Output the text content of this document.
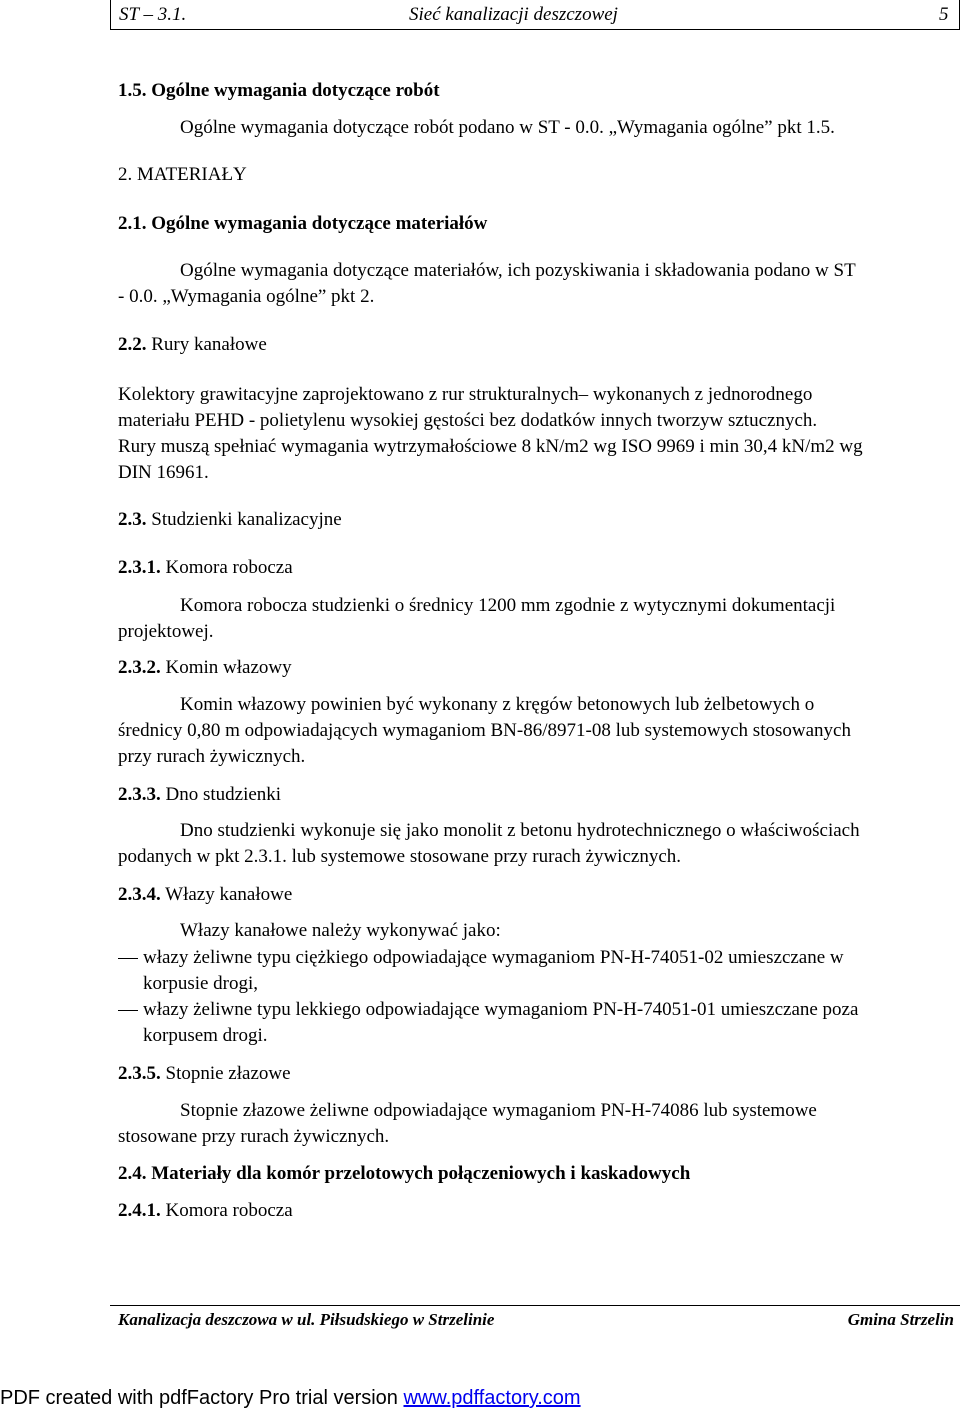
ST – 3.1.	Sieć kanalizacji deszczowej	5
1.5. Ogólne wymagania dotyczące robót
Ogólne wymagania dotyczące robót podano w ST - 0.0. „Wymagania ogólne” pkt 1.5.
2. MATERIAŁY
2.1. Ogólne wymagania dotyczące materiałów
Ogólne wymagania dotyczące materiałów, ich pozyskiwania i składowania podano w ST
- 0.0. „Wymagania ogólne” pkt 2.
2.2. Rury kanałowe
Kolektory grawitacyjne zaprojektowano z rur strukturalnych– wykonanych z jednorodnego
materiału PEHD - polietylenu wysokiej gęstości bez dodatków innych tworzyw sztucznych.
Rury muszą spełniać wymagania wytrzymałościowe 8 kN/m2 wg ISO 9969 i min 30,4 kN/m2 wg
DIN 16961.
2.3. Studzienki kanalizacyjne
2.3.1. Komora robocza
Komora robocza studzienki o średnicy 1200 mm zgodnie z wytycznymi dokumentacji
projektowej.
2.3.2. Komin włazowy
Komin włazowy powinien być wykonany z kręgów betonowych lub żelbetowych o
średnicy 0,80 m odpowiadających wymaganiom BN-86/8971-08 lub systemowych stosowanych
przy rurach żywicznych.
2.3.3. Dno studzienki
Dno studzienki wykonuje się jako monolit z betonu hydrotechnicznego o właściwościach
podanych w pkt 2.3.1. lub systemowe stosowane przy rurach żywicznych.
2.3.4. Włazy kanałowe
Włazy kanałowe należy wykonywać jako:
włazy żeliwne typu ciężkiego odpowiadające wymaganiom PN-H-74051-02 umieszczane w
korpusie drogi,
włazy żeliwne typu lekkiego odpowiadające wymaganiom PN-H-74051-01 umieszczane poza
korpusem drogi.
2.3.5. Stopnie złazowe
Stopnie złazowe żeliwne odpowiadające wymaganiom PN-H-74086 lub systemowe
stosowane przy rurach żywicznych.
2.4. Materiały dla komór przelotowych połączeniowych i kaskadowych
2.4.1. Komora robocza
Kanalizacja deszczowa w ul. Piłsudskiego w Strzelinie	Gmina Strzelin
PDF created with pdfFactory Pro trial version www.pdffactory.com
